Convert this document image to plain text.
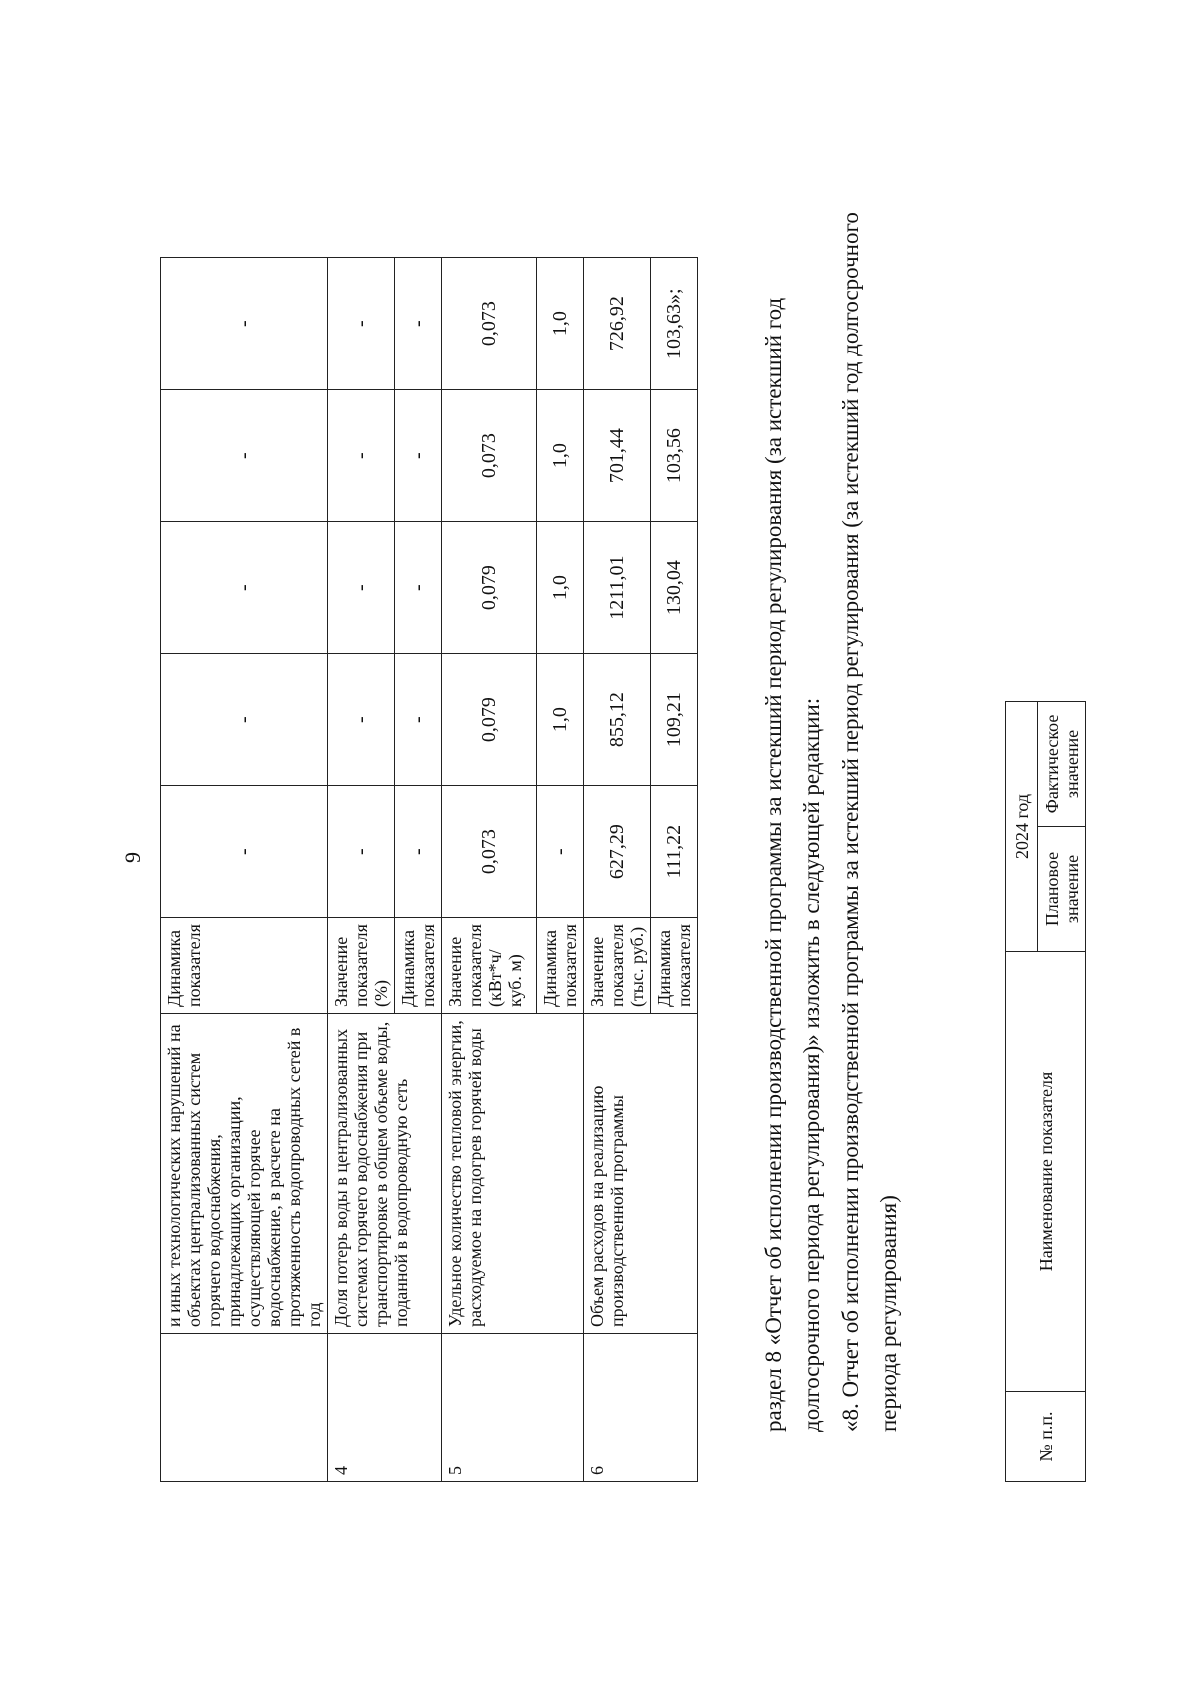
9
	и иных технологических нарушений на объектах централизованных систем горячего водоснабжения, принадлежащих организации, осуществляющей горячее водоснабжение, в расчете на протяженность водопроводных сетей в год	Динамика показателя	-	-	-	-	-
4	Доля потерь воды в централизованных системах горячего водоснабжения при транспортировке в общем объеме воды, поданной в водопроводную сеть	Значение показателя (%)	-	-	-	-	-
		Динамика показателя	-	-	-	-	-
5	Удельное количество тепловой энергии, расходуемое на подогрев горячей воды	Значение показателя (кВт*ч/куб. м)	0,073	0,079	0,079	0,073	0,073
		Динамика показателя	-	1,0	1,0	1,0	1,0
6	Объем расходов на реализацию производственной программы	Значение показателя (тыс. руб.)	627,29	855,12	1211,01	701,44	726,92
		Динамика показателя	111,22	109,21	130,04	103,56	103,63»;	раздел 8 «Отчет об исполнении производственной программы за истекший период регулирования (за истекший год долгосрочного периода регулирования)» изложить в следующей редакции: «8. Отчет об исполнении производственной программы за истекший период регулирования (за истекший год долгосрочного периода регулирования)
№ п.п.	Наименование показателя	2024 год	
		Плановое значение	Фактическое значение
